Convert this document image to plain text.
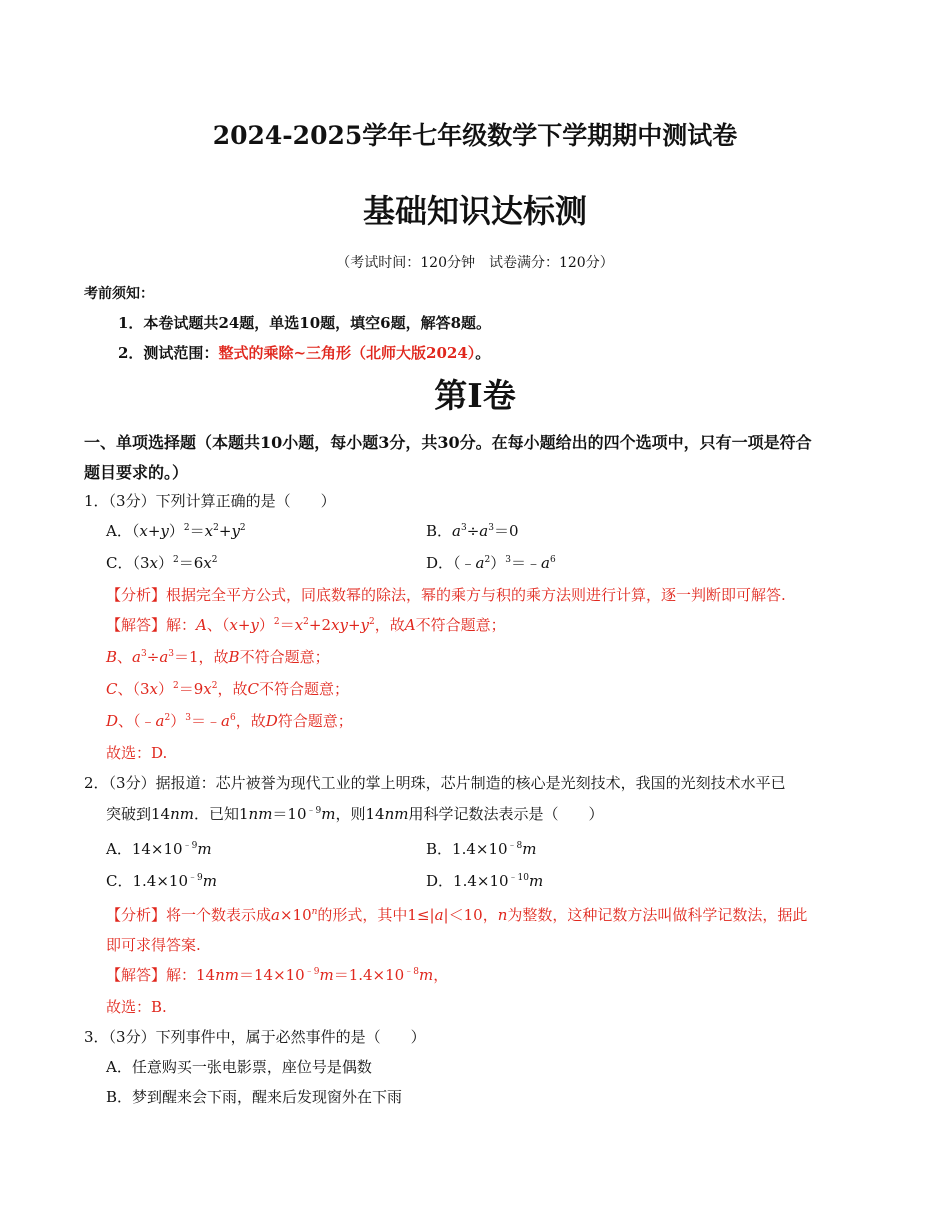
2024-2025学年七年级数学下学期期中测试卷
基础知识达标测
（考试时间：120分钟　试卷满分：120分）
考前须知：
1．本卷试题共24题，单选10题，填空6题，解答8题。
2．测试范围：整式的乘除~三角形（北师大版2024）。
第Ⅰ卷
一、单项选择题（本题共10小题，每小题3分，共30分。在每小题给出的四个选项中，只有一项是符合
题目要求的。）
1．（3分）下列计算正确的是（　　）
A．$(x+y)^2=x^2+y^2$	B．$a^3\div a^3=0$
C．$(3x)^2=6x^2$	D．$(﹣a^2)^3=﹣a^6$
【分析】根据完全平方公式，同底数幂的除法，幂的乘方与积的乘方法则进行计算，逐一判断即可解答.
【解答】解：A、$(x+y)^2=x^2+2xy+y^2$，故A不符合题意；
B、$a^3\div a^3=1$，故B不符合题意；
C、$(3x)^2=9x^2$，故C不符合题意；
D、$(﹣a^2)^3=﹣a^6$，故D符合题意；
故选：D.
2．（3分）据报道：芯片被誉为现代工业的掌上明珠，芯片制造的核心是光刻技术，我国的光刻技术水平已
突破到14nm．已知$1nm=10^{﹣9}m$，则14nm用科学记数法表示是（　　）
A．$14\times 10^{﹣9}m$	B．$1.4\times 10^{﹣8}m$
C．$1.4\times 10^{﹣9}m$	D．$1.4\times 10^{﹣10}m$
【分析】将一个数表示成$a\times 10^n$的形式，其中1≤|a|＜10，n为整数，这种记数方法叫做科学记数法，据此
即可求得答案.
【解答】解：$14nm=14\times 10^{﹣9}m=1.4\times 10^{﹣8}m$，
故选：B.
3．（3分）下列事件中，属于必然事件的是（　　）
A．任意购买一张电影票，座位号是偶数
B．梦到醒来会下雨，醒来后发现窗外在下雨
